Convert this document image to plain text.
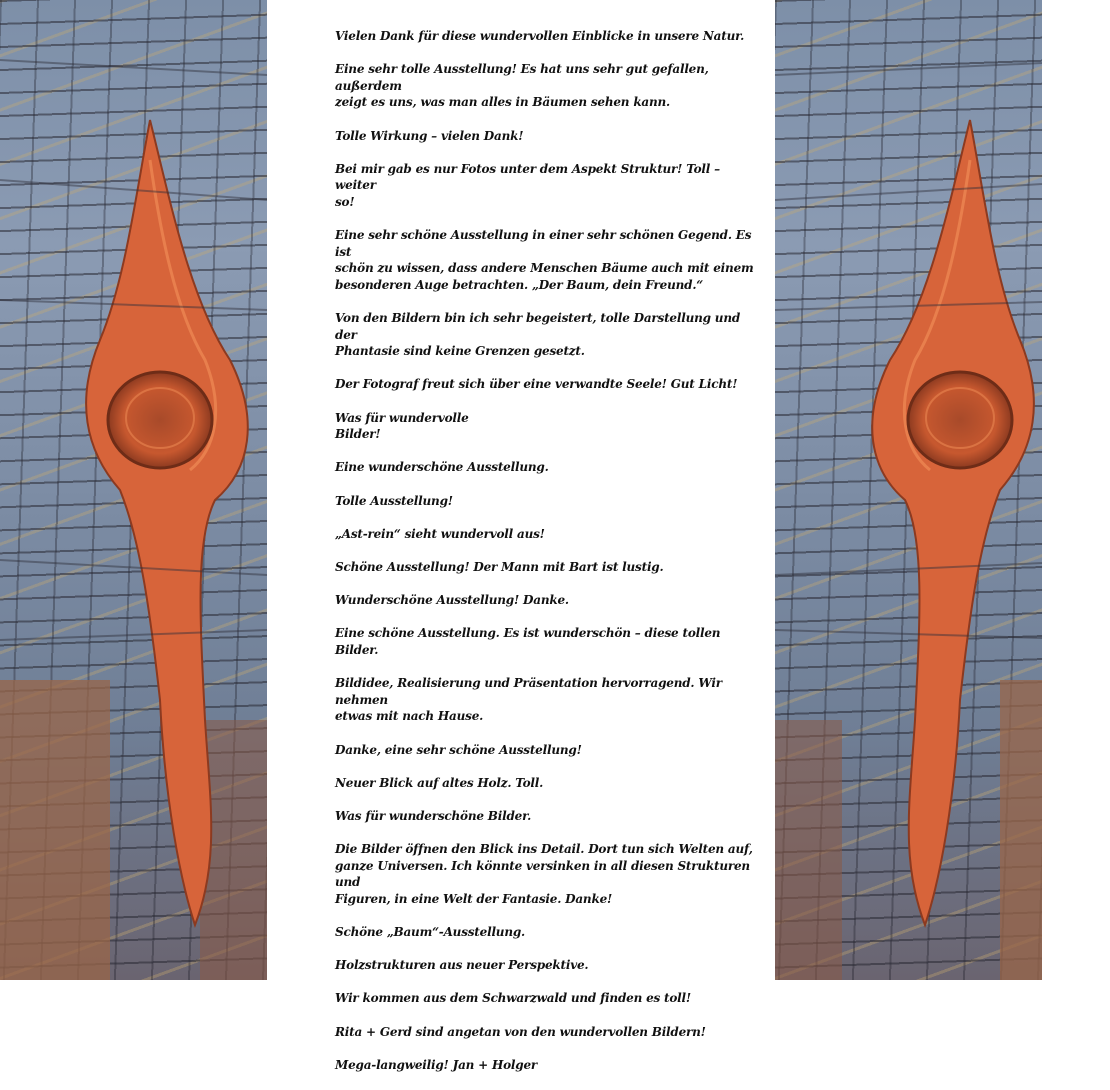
Vielen Dank für diese wundervollen Einblicke in unsere Natur.
Eine sehr tolle Ausstellung! Es hat uns sehr gut gefallen, außerdem
zeigt es uns, was man alles in Bäumen sehen kann.
Tolle Wirkung – vielen Dank!
Bei mir gab es nur Fotos unter dem Aspekt Struktur! Toll – weiter
so!
Eine sehr schöne Ausstellung in einer sehr schönen Gegend. Es ist
schön zu wissen, dass andere Menschen Bäume auch mit einem
besonderen Auge betrachten. „Der Baum, dein Freund.“
Von den Bildern bin ich sehr begeistert, tolle Darstellung und der
Phantasie sind keine Grenzen gesetzt.
Der Fotograf freut sich über eine verwandte Seele! Gut Licht!
Was für wundervolle
Bilder!
Eine wunderschöne Ausstellung.
Tolle Ausstellung!
„Ast-rein“ sieht wundervoll aus!
Schöne Ausstellung! Der Mann mit Bart ist lustig.
Wunderschöne Ausstellung! Danke.
Eine schöne Ausstellung. Es ist wunderschön – diese tollen Bilder.
Bildidee, Realisierung und Präsentation hervorragend. Wir nehmen
etwas mit nach Hause.
Danke, eine sehr schöne Ausstellung!
Neuer Blick auf altes Holz. Toll.
Was für wunderschöne Bilder.
Die Bilder öffnen den Blick ins Detail. Dort tun sich Welten auf,
ganze Universen. Ich könnte versinken in all diesen Strukturen und
Figuren, in eine Welt der Fantasie. Danke!
Schöne „Baum“-Ausstellung.
Holzstrukturen aus neuer Perspektive.
Wir kommen aus dem Schwarzwald und finden es toll!
Rita + Gerd sind angetan von den wundervollen Bildern!
Mega-langweilig! Jan + Holger
